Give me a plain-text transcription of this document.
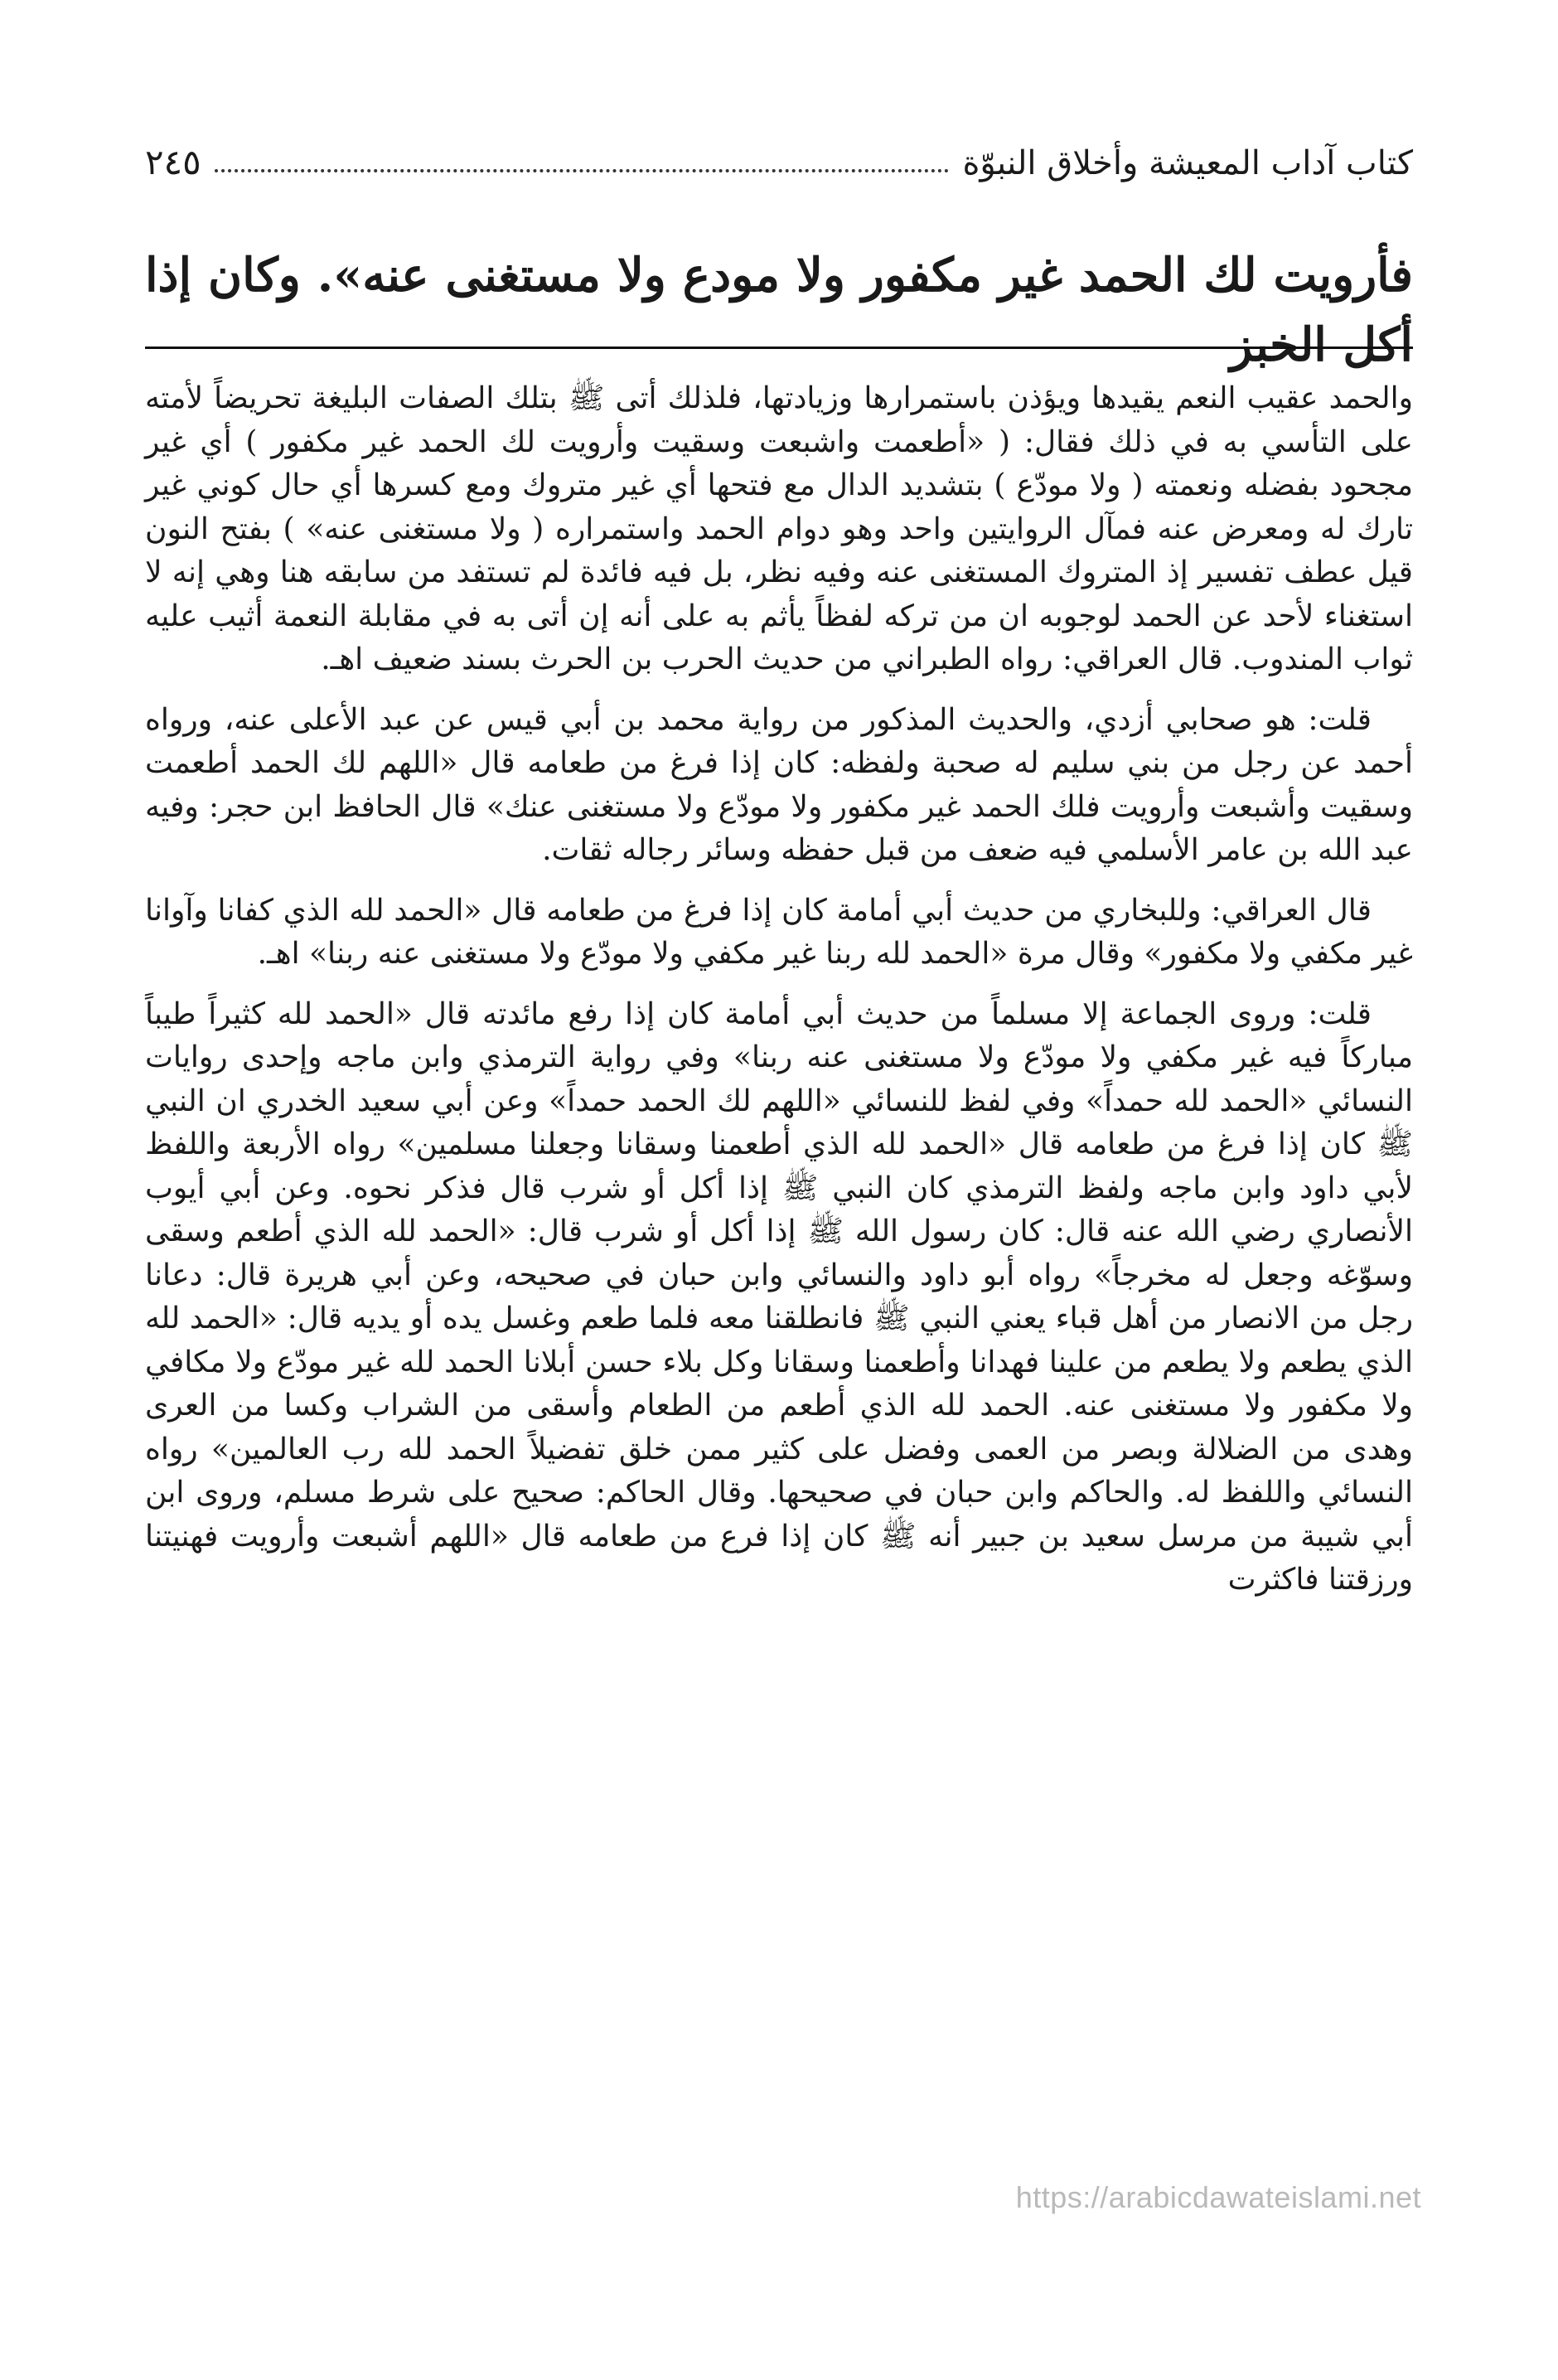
كتاب آداب المعيشة وأخلاق النبوّة
٢٤٥
فأرويت لك الحمد غير مكفور ولا مودع ولا مستغنى عنه». وكان إذا أكل الخبز

والحمد عقيب النعم يقيدها ويؤذن باستمرارها وزيادتها، فلذلك أتى ﷺ بتلك الصفات البليغة تحريضاً لأمته على التأسي به في ذلك فقال: ( «أطعمت واشبعت وسقيت وأرويت لك الحمد غير مكفور ) أي غير مجحود بفضله ونعمته ( ولا مودّع ) بتشديد الدال مع فتحها أي غير متروك ومع كسرها أي حال كوني غير تارك له ومعرض عنه فمآل الروايتين واحد وهو دوام الحمد واستمراره ( ولا مستغنى عنه» ) بفتح النون قيل عطف تفسير إذ المتروك المستغنى عنه وفيه نظر، بل فيه فائدة لم تستفد من سابقه هنا وهي إنه لا استغناء لأحد عن الحمد لوجوبه ان من تركه لفظاً يأثم به على أنه إن أتى به في مقابلة النعمة أثيب عليه ثواب المندوب. قال العراقي: رواه الطبراني من حديث الحرب بن الحرث بسند ضعيف اهـ.

قلت: هو صحابي أزدي، والحديث المذكور من رواية محمد بن أبي قيس عن عبد الأعلى عنه، ورواه أحمد عن رجل من بني سليم له صحبة ولفظه: كان إذا فرغ من طعامه قال «اللهم لك الحمد أطعمت وسقيت وأشبعت وأرويت فلك الحمد غير مكفور ولا مودّع ولا مستغنى عنك» قال الحافظ ابن حجر: وفيه عبد الله بن عامر الأسلمي فيه ضعف من قبل حفظه وسائر رجاله ثقات.

قال العراقي: وللبخاري من حديث أبي أمامة كان إذا فرغ من طعامه قال «الحمد لله الذي كفانا وآوانا غير مكفي ولا مكفور» وقال مرة «الحمد لله ربنا غير مكفي ولا مودّع ولا مستغنى عنه ربنا» اهـ.

قلت: وروى الجماعة إلا مسلماً من حديث أبي أمامة كان إذا رفع مائدته قال «الحمد لله كثيراً طيباً مباركاً فيه غير مكفي ولا مودّع ولا مستغنى عنه ربنا» وفي رواية الترمذي وابن ماجه وإحدى روايات النسائي «الحمد لله حمداً» وفي لفظ للنسائي «اللهم لك الحمد حمداً» وعن أبي سعيد الخدري ان النبي ﷺ كان إذا فرغ من طعامه قال «الحمد لله الذي أطعمنا وسقانا وجعلنا مسلمين» رواه الأربعة واللفظ لأبي داود وابن ماجه ولفظ الترمذي كان النبي ﷺ إذا أكل أو شرب قال فذكر نحوه. وعن أبي أيوب الأنصاري رضي الله عنه قال: كان رسول الله ﷺ إذا أكل أو شرب قال: «الحمد لله الذي أطعم وسقى وسوّغه وجعل له مخرجاً» رواه أبو داود والنسائي وابن حبان في صحيحه، وعن أبي هريرة قال: دعانا رجل من الانصار من أهل قباء يعني النبي ﷺ فانطلقنا معه فلما طعم وغسل يده أو يديه قال: «الحمد لله الذي يطعم ولا يطعم من علينا فهدانا وأطعمنا وسقانا وكل بلاء حسن أبلانا الحمد لله غير مودّع ولا مكافي ولا مكفور ولا مستغنى عنه. الحمد لله الذي أطعم من الطعام وأسقى من الشراب وكسا من العرى وهدى من الضلالة وبصر من العمى وفضل على كثير ممن خلق تفضيلاً الحمد لله رب العالمين» رواه النسائي واللفظ له. والحاكم وابن حبان في صحيحها. وقال الحاكم: صحيح على شرط مسلم، وروى ابن أبي شيبة من مرسل سعيد بن جبير أنه ﷺ كان إذا فرع من طعامه قال «اللهم أشبعت وأرويت فهنيتنا ورزقتنا فاكثرت

https://arabicdawateislami.net
